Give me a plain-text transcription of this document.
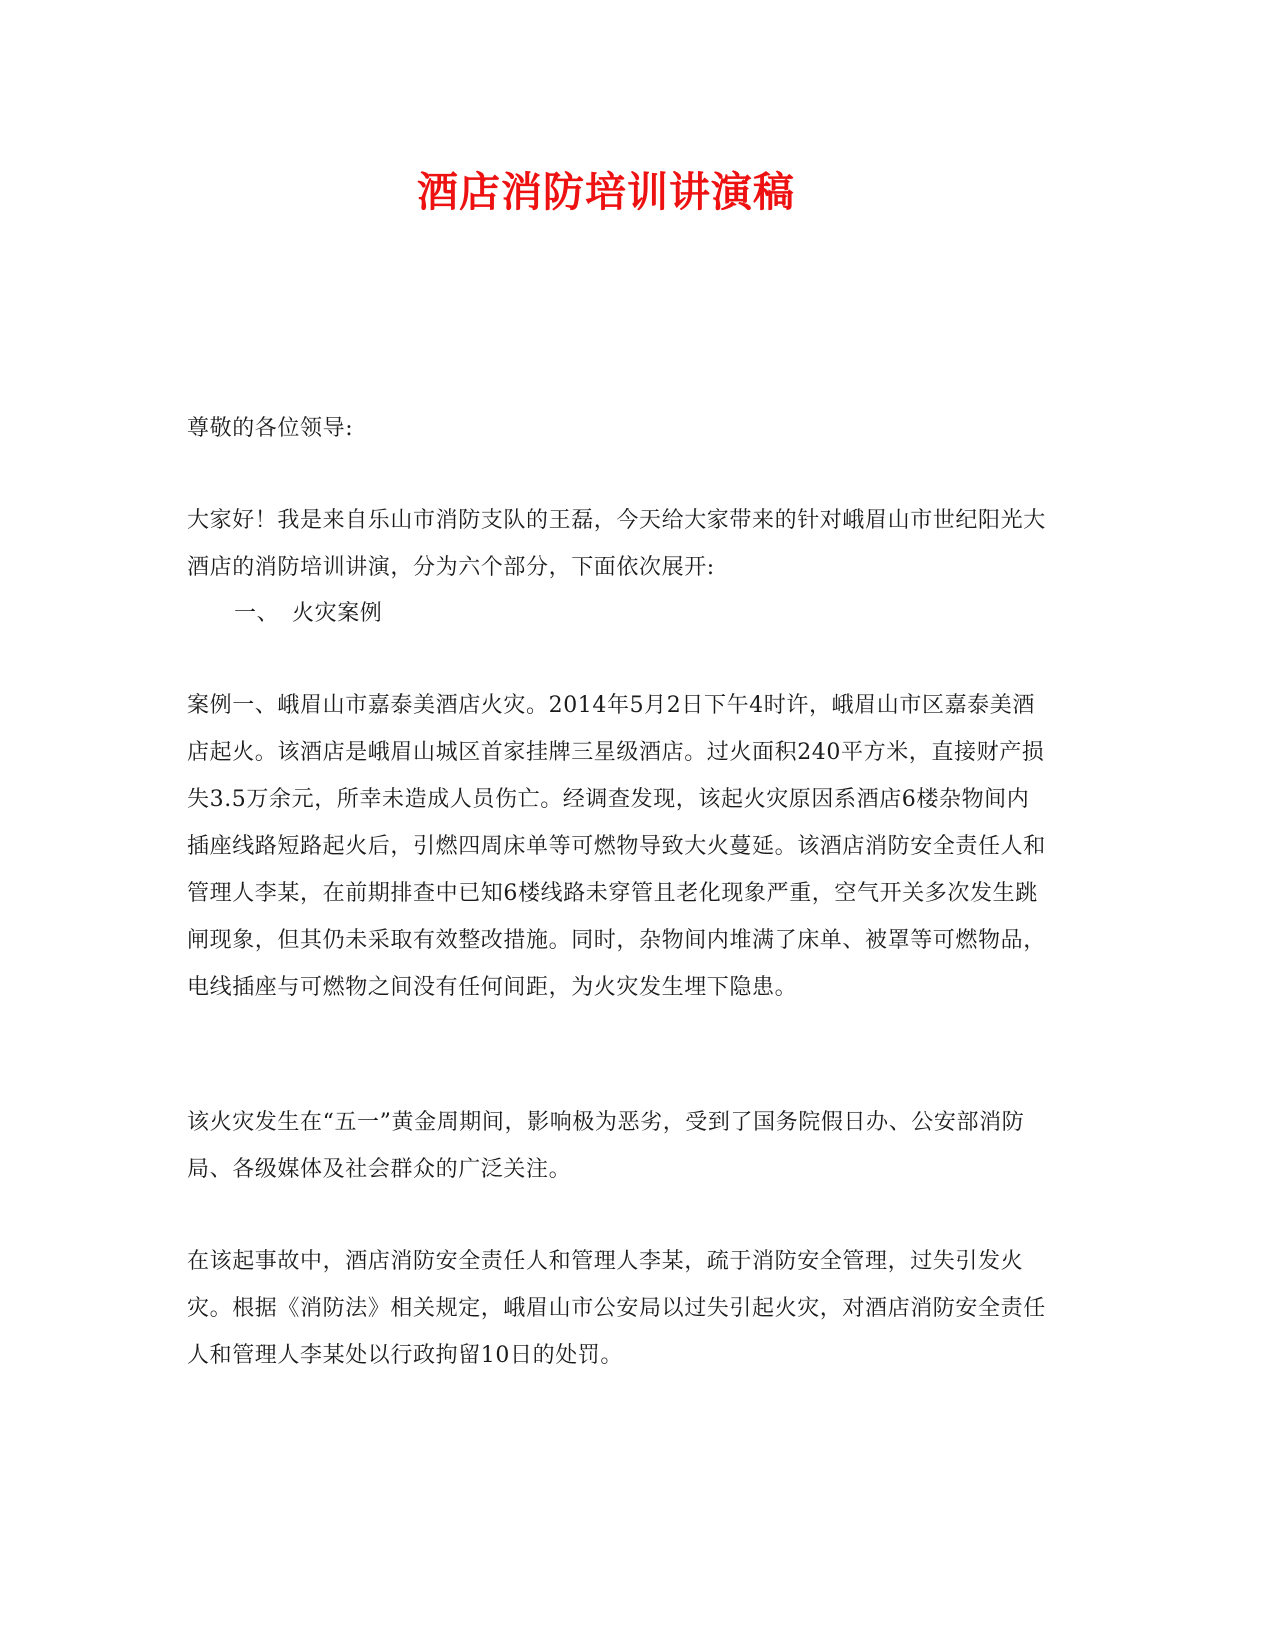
酒店消防培训讲演稿
尊敬的各位领导:
大家好！我是来自乐山市消防支队的王磊，今天给大家带来的针对峨眉山市世纪阳光大酒店的消防培训讲演，分为六个部分，下面依次展开:
一、 火灾案例
案例一、峨眉山市嘉泰美酒店火灾。2014年5月2日下午4时许，峨眉山市区嘉泰美酒店起火。该酒店是峨眉山城区首家挂牌三星级酒店。过火面积240平方米，直接财产损失3.5万余元，所幸未造成人员伤亡。经调查发现，该起火灾原因系酒店6楼杂物间内插座线路短路起火后，引燃四周床单等可燃物导致大火蔓延。该酒店消防安全责任人和管理人李某，在前期排查中已知6楼线路未穿管且老化现象严重，空气开关多次发生跳闸现象，但其仍未采取有效整改措施。同时，杂物间内堆满了床单、被罩等可燃物品，电线插座与可燃物之间没有任何间距，为火灾发生埋下隐患。
该火灾发生在“五一”黄金周期间，影响极为恶劣，受到了国务院假日办、公安部消防局、各级媒体及社会群众的广泛关注。
在该起事故中，酒店消防安全责任人和管理人李某，疏于消防安全管理，过失引发火灾。根据《消防法》相关规定，峨眉山市公安局以过失引起火灾，对酒店消防安全责任人和管理人李某处以行政拘留10日的处罚。
